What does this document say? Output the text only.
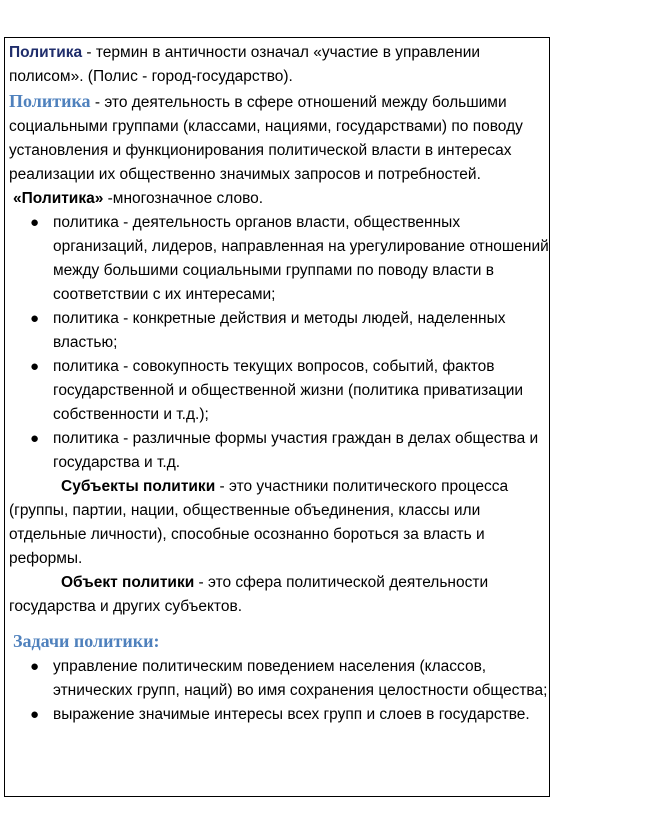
Политика - термин в античности означал «участие в управлении полисом». (Полис - город-государство).

Политика - это деятельность в сфере отношений между большими социальными группами (классами, нациями, государствами) по поводу установления и функционирования политической власти в интересах реализации их общественно значимых запросов и потребностей.

«Политика» -многозначное слово.

● политика - деятельность органов власти, общественных организаций, лидеров, направленная на урегулирование отношений между большими социальными группами по поводу власти в соответствии с их интересами;
● политика - конкретные действия и методы людей, наделенных властью;
● политика - совокупность текущих вопросов, событий, фактов государственной и общественной жизни (политика приватизации собственности и т.д.);
● политика - различные формы участия граждан в делах общества и государства и т.д.

Субъекты политики - это участники политического процесса (группы, партии, нации, общественные объединения, классы или отдельные личности), способные осознанно бороться за власть и реформы.

Объект политики - это сфера политической деятельности государства и других субъектов.

Задачи политики:

● управление политическим поведением населения (классов, этнических групп, наций) во имя сохранения целостности общества;
● выражение значимые интересы всех групп и слоев в государстве.
